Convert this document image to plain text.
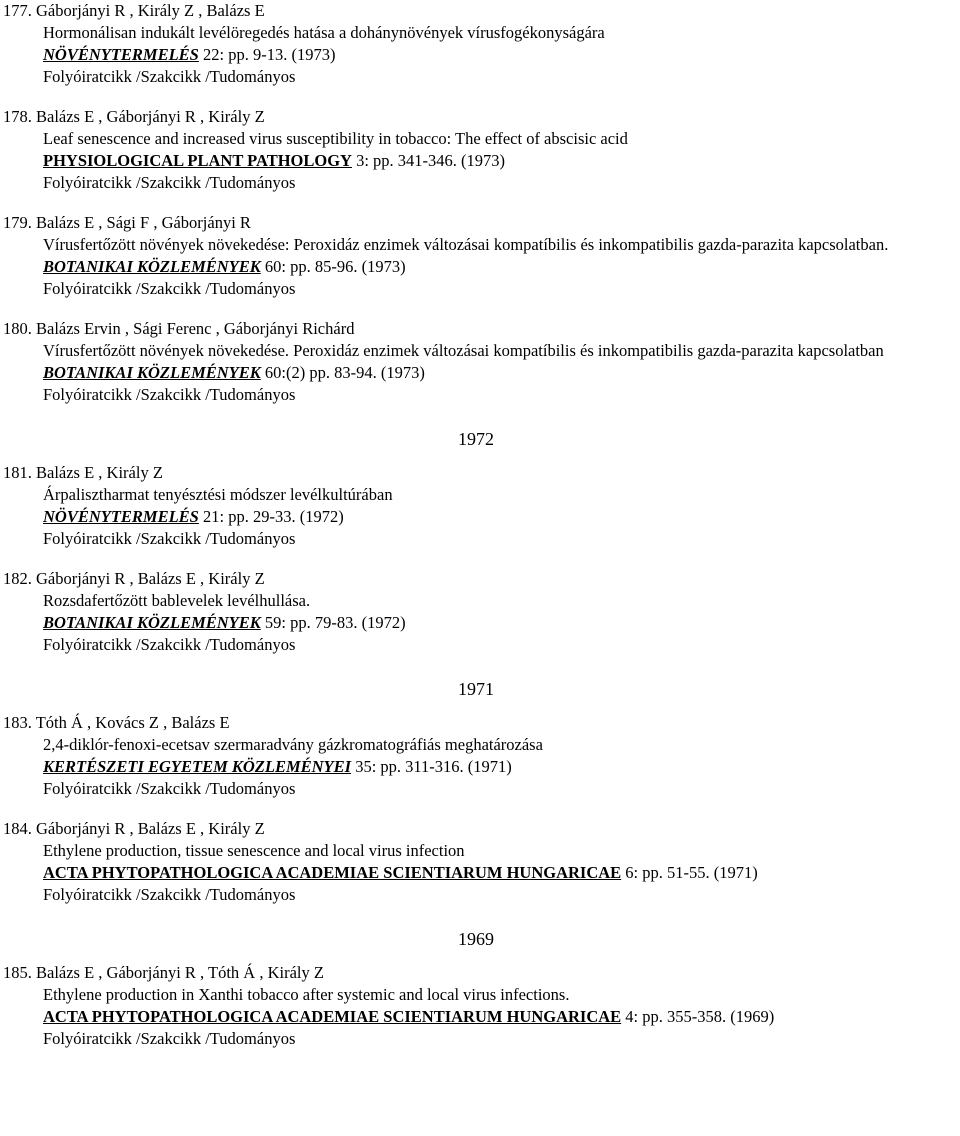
177. Gáborjányi R , Király Z , Balázs E
Hormonálisan indukált levélöregedés hatása a dohánynövények vírusfogékonyságára
NÖVÉNYTERMELÉS 22: pp. 9-13. (1973)
Folyóiratcikk /Szakcikk /Tudományos
178. Balázs E , Gáborjányi R , Király Z
Leaf senescence and increased virus susceptibility in tobacco: The effect of abscisic acid
PHYSIOLOGICAL PLANT PATHOLOGY 3: pp. 341-346. (1973)
Folyóiratcikk /Szakcikk /Tudományos
179. Balázs E , Sági F , Gáborjányi R
Vírusfertőzött növények növekedése: Peroxidáz enzimek változásai kompatíbilis és inkompatibilis gazda-parazita kapcsolatban.
BOTANIKAI KÖZLEMÉNYEK 60: pp. 85-96. (1973)
Folyóiratcikk /Szakcikk /Tudományos
180. Balázs Ervin , Sági Ferenc , Gáborjányi Richárd
Vírusfertőzött növények növekedése. Peroxidáz enzimek változásai kompatíbilis és inkompatibilis gazda-parazita kapcsolatban
BOTANIKAI KÖZLEMÉNYEK 60:(2) pp. 83-94. (1973)
Folyóiratcikk /Szakcikk /Tudományos
1972
181. Balázs E , Király Z
Árpalisztharmat tenyésztési módszer levélkultúrában
NÖVÉNYTERMELÉS 21: pp. 29-33. (1972)
Folyóiratcikk /Szakcikk /Tudományos
182. Gáborjányi R , Balázs E , Király Z
Rozsdafertőzött bablevelek levélhullása.
BOTANIKAI KÖZLEMÉNYEK 59: pp. 79-83. (1972)
Folyóiratcikk /Szakcikk /Tudományos
1971
183. Tóth Á , Kovács Z , Balázs E
2,4-diklór-fenoxi-ecetsav szermaradvány gázkromatográfiás meghatározása
KERTÉSZETI EGYETEM KÖZLEMÉNYEI 35: pp. 311-316. (1971)
Folyóiratcikk /Szakcikk /Tudományos
184. Gáborjányi R , Balázs E , Király Z
Ethylene production, tissue senescence and local virus infection
ACTA PHYTOPATHOLOGICA ACADEMIAE SCIENTIARUM HUNGARICAE 6: pp. 51-55. (1971)
Folyóiratcikk /Szakcikk /Tudományos
1969
185. Balázs E , Gáborjányi R , Tóth Á , Király Z
Ethylene production in Xanthi tobacco after systemic and local virus infections.
ACTA PHYTOPATHOLOGICA ACADEMIAE SCIENTIARUM HUNGARICAE 4: pp. 355-358. (1969)
Folyóiratcikk /Szakcikk /Tudományos
